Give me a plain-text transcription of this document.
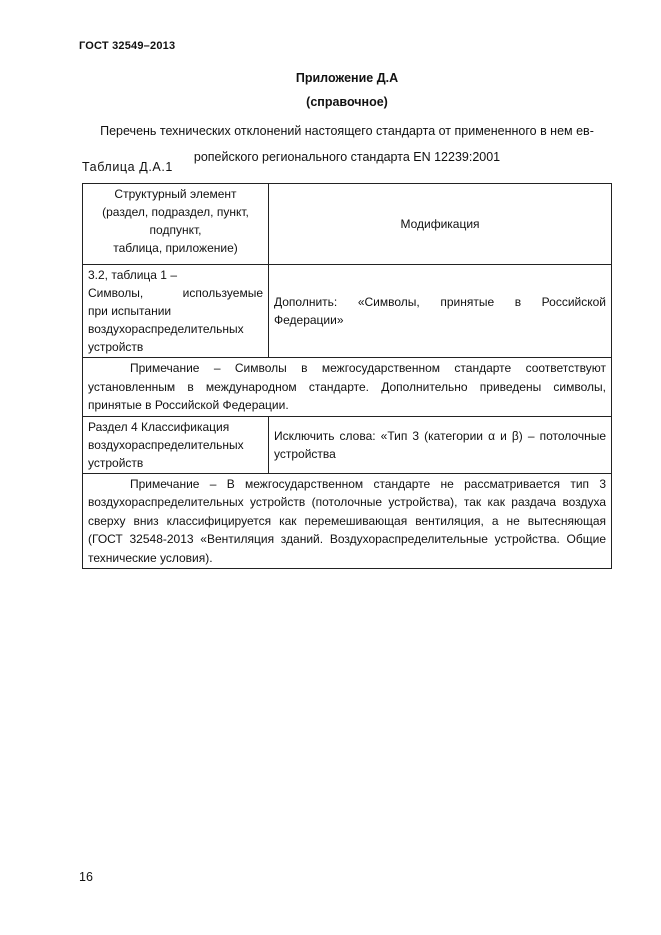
ГОСТ 32549–2013
Приложение Д.А
(справочное)
Перечень технических отклонений настоящего стандарта от примененного в нем ев-
ропейского регионального стандарта EN 12239:2001
Таблица Д.А.1
Структурный элемент
(раздел, подраздел, пункт,
подпункт,
таблица, приложение)	Модификация

3.2, таблица 1 –
Символы, используемые
при испытании
воздухораспределительных
устройств	Дополнить: «Символы, принятые в Российской Федерации»
Примечание – Символы в межгосударственном стандарте соответствуют установленным в международном стандарте. Дополнительно приведены символы, принятые в Российской Федерации.	

Раздел 4 Классификация
воздухораспределительных
устройств	Исключить слова: «Тип 3 (категории α и β) – потолочные устройства
Примечание – В межгосударственном стандарте не рассматривается тип 3 воздухораспределительных устройств (потолочные устройства), так как раздача воздуха сверху вниз классифицируется как перемешивающая вентиляция, а не вытесняющая (ГОСТ 32548-2013 «Вентиляция зданий. Воздухораспределительные устройства. Общие технические условия).	
16
